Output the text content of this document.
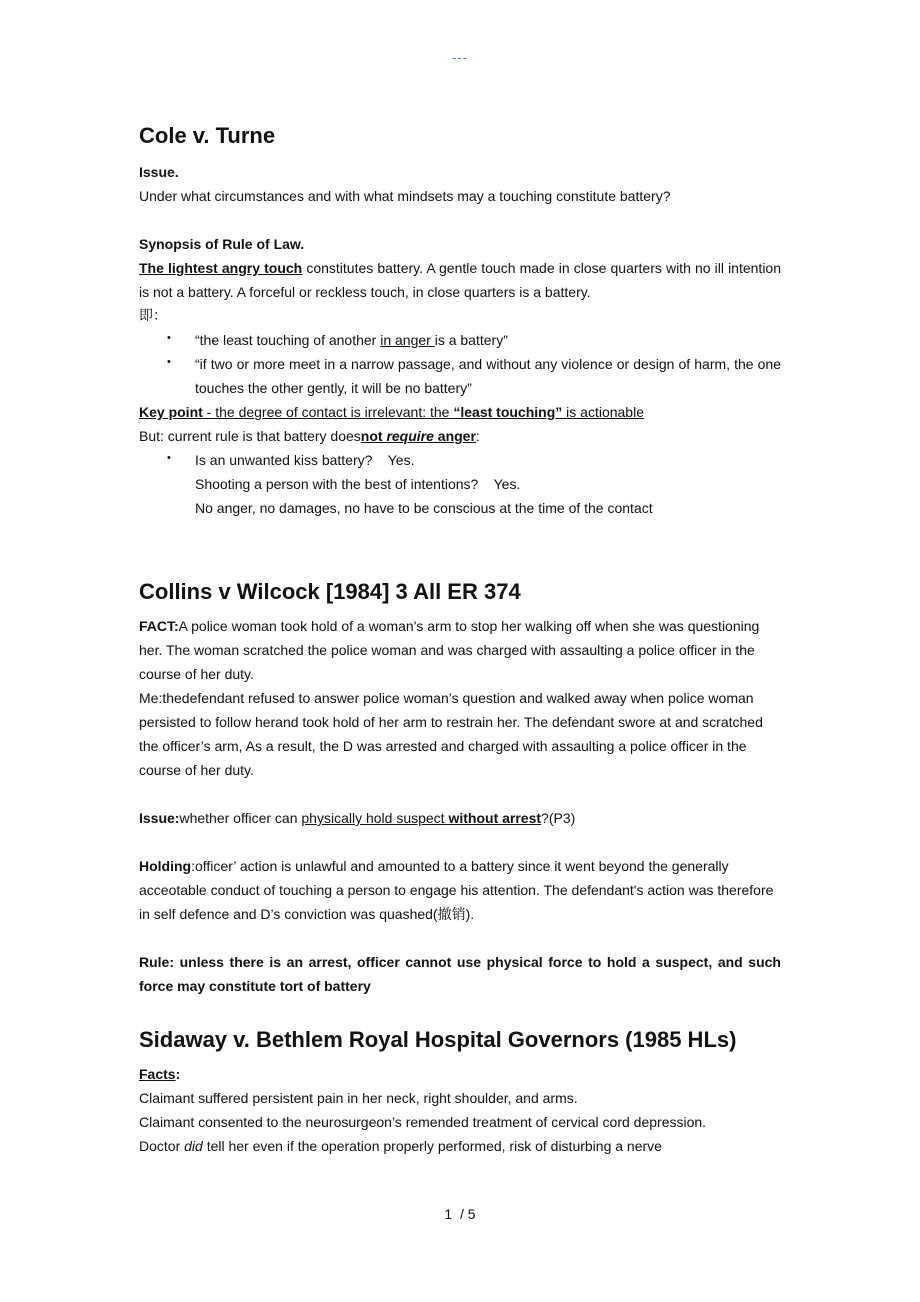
---
Cole v. Turne

Issue.

Under what circumstances and with what mindsets may a touching constitute battery?

Synopsis of Rule of Law.

The lightest angry touch constitutes battery. A gentle touch made in close quarters with no ill intention is not a battery. A forceful or reckless touch, in close quarters is a battery.

即：

• “the least touching of another in anger is a battery”
• “if two or more meet in a narrow passage, and without any violence or design of harm, the one touches the other gently, it will be no battery”

Key point - the degree of contact is irrelevant: the “least touching” is actionable

But: current rule is that battery doesnot require anger:

• Is an unwanted kiss battery?    Yes.

Shooting a person with the best of intentions?    Yes.

No anger, no damages, no have to be conscious at the time of the contact

Collins v Wilcock [1984] 3 All ER 374

FACT:A police woman took hold of a woman's arm to stop her walking off when she was questioning her. The woman scratched the police woman and was charged with assaulting a police officer in the course of her duty.

Me:thedefendant refused to answer police woman’s question and walked away when police woman persisted to follow herand took hold of her arm to restrain her. The defendant swore at and scratched the officer’s arm, As a result, the D was arrested and charged with assaulting a police officer in the course of her duty.

Issue:whether officer can physically hold suspect without arrest?(P3)

Holding:officer’ action is unlawful and amounted to a battery since it went beyond the generally acceotable conduct of touching a person to engage his attention. The defendant's action was therefore in self defence and D’s conviction was quashed(撤销).

Rule: unless there is an arrest, officer cannot use physical force to hold a suspect, and such force may constitute tort of battery

Sidaway v. Bethlem Royal Hospital Governors (1985 HLs)

Facts:

Claimant suffered persistent pain in her neck, right shoulder, and arms.

Claimant consented to the neurosurgeon’s remended treatment of cervical cord depression.

Doctor did tell her even if the operation properly performed, risk of disturbing a nerve

1  / 5
